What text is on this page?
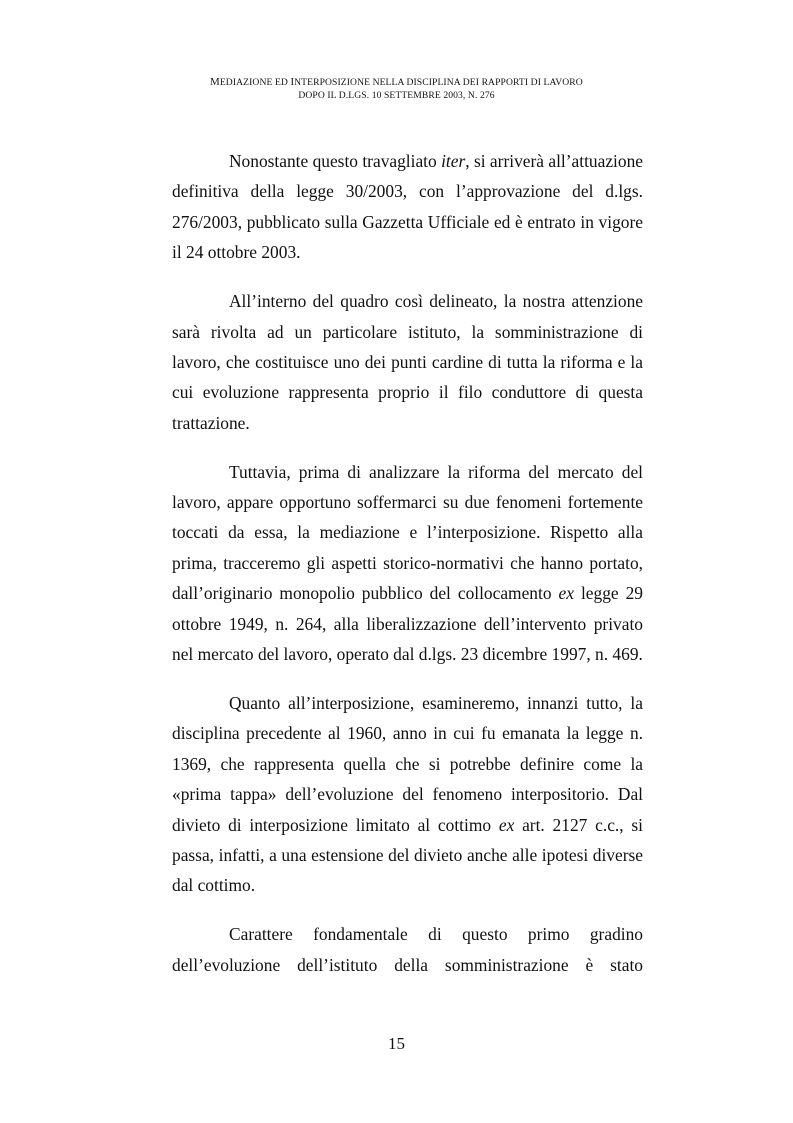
MEDIAZIONE ED INTERPOSIZIONE NELLA DISCIPLINA DEI RAPPORTI DI LAVORO
DOPO IL D.LGS. 10 SETTEMBRE 2003, N. 276

Nonostante questo travagliato iter, si arriverà all’attuazione definitiva della legge 30/2003, con l’approvazione del d.lgs. 276/2003, pubblicato sulla Gazzetta Ufficiale ed è entrato in vigore il 24 ottobre 2003.

All’interno del quadro così delineato, la nostra attenzione sarà rivolta ad un particolare istituto, la somministrazione di lavoro, che costituisce uno dei punti cardine di tutta la riforma e la cui evoluzione rappresenta proprio il filo conduttore di questa trattazione.

Tuttavia, prima di analizzare la riforma del mercato del lavoro, appare opportuno soffermarci su due fenomeni fortemente toccati da essa, la mediazione e l’interposizione. Rispetto alla prima, tracceremo gli aspetti storico-normativi che hanno portato, dall’originario monopolio pubblico del collocamento ex legge 29 ottobre 1949, n. 264, alla liberalizzazione dell’intervento privato nel mercato del lavoro, operato dal d.lgs. 23 dicembre 1997, n. 469.

Quanto all’interposizione, esamineremo, innanzi tutto, la disciplina precedente al 1960, anno in cui fu emanata la legge n. 1369, che rappresenta quella che si potrebbe definire come la «prima tappa» dell’evoluzione del fenomeno interpositorio. Dal divieto di interposizione limitato al cottimo ex art. 2127 c.c., si passa, infatti, a una estensione del divieto anche alle ipotesi diverse dal cottimo.

Carattere fondamentale di questo primo gradino dell’evoluzione dell’istituto della somministrazione è stato

15
